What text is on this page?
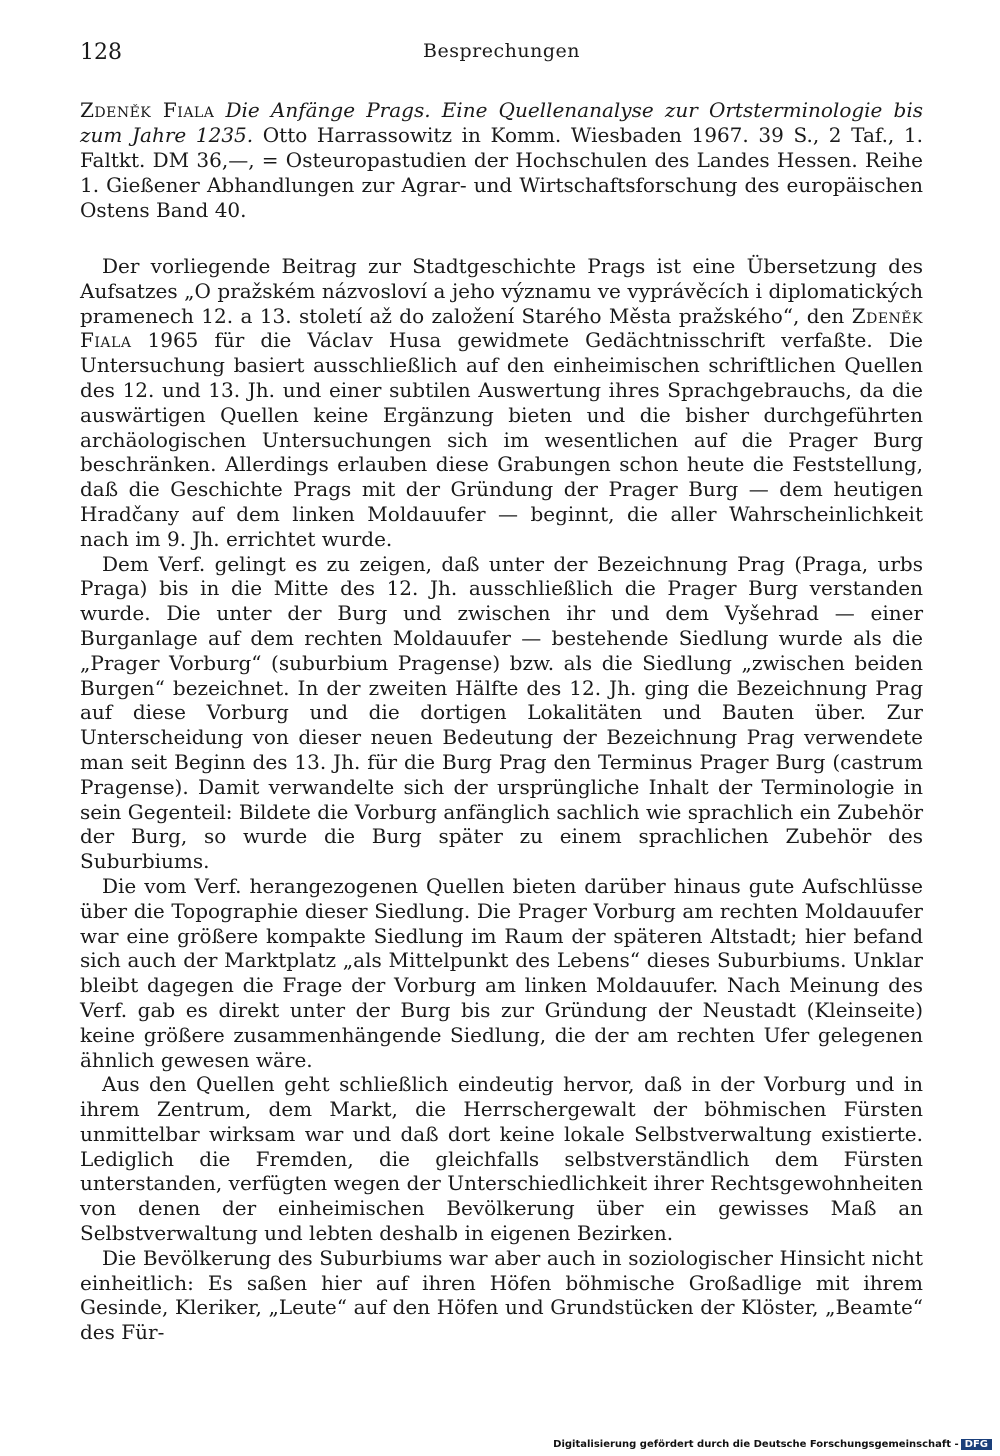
128	Besprechungen

Zdeněk Fiala Die Anfänge Prags. Eine Quellenanalyse zur Ortsterminologie bis zum Jahre 1235. Otto Harrassowitz in Komm. Wiesbaden 1967. 39 S., 2 Taf., 1. Faltkt. DM 36,—, = Osteuropastudien der Hochschulen des Landes Hessen. Reihe 1. Gießener Abhandlungen zur Agrar- und Wirtschaftsforschung des europäischen Ostens Band 40.

Der vorliegende Beitrag zur Stadtgeschichte Prags ist eine Übersetzung des Aufsatzes „O pražském názvosloví a jeho významu ve vyprávěcích i diplomatických pramenech 12. a 13. století až do založení Starého Města pražského“, den Zdeněk Fiala 1965 für die Václav Husa gewidmete Gedächtnisschrift verfaßte. Die Untersuchung basiert ausschließlich auf den einheimischen schriftlichen Quellen des 12. und 13. Jh. und einer subtilen Auswertung ihres Sprachgebrauchs, da die auswärtigen Quellen keine Ergänzung bieten und die bisher durchgeführten archäologischen Untersuchungen sich im wesentlichen auf die Prager Burg beschränken. Allerdings erlauben diese Grabungen schon heute die Feststellung, daß die Geschichte Prags mit der Gründung der Prager Burg — dem heutigen Hradčany auf dem linken Moldauufer — beginnt, die aller Wahrscheinlichkeit nach im 9. Jh. errichtet wurde.

Dem Verf. gelingt es zu zeigen, daß unter der Bezeichnung Prag (Praga, urbs Praga) bis in die Mitte des 12. Jh. ausschließlich die Prager Burg verstanden wurde. Die unter der Burg und zwischen ihr und dem Vyšehrad — einer Burganlage auf dem rechten Moldauufer — bestehende Siedlung wurde als die „Prager Vorburg“ (suburbium Pragense) bzw. als die Siedlung „zwischen beiden Burgen“ bezeichnet. In der zweiten Hälfte des 12. Jh. ging die Bezeichnung Prag auf diese Vorburg und die dortigen Lokalitäten und Bauten über. Zur Unterscheidung von dieser neuen Bedeutung der Bezeichnung Prag verwendete man seit Beginn des 13. Jh. für die Burg Prag den Terminus Prager Burg (castrum Pragense). Damit verwandelte sich der ursprüngliche Inhalt der Terminologie in sein Gegenteil: Bildete die Vorburg anfänglich sachlich wie sprachlich ein Zubehör der Burg, so wurde die Burg später zu einem sprachlichen Zubehör des Suburbiums.

Die vom Verf. herangezogenen Quellen bieten darüber hinaus gute Aufschlüsse über die Topographie dieser Siedlung. Die Prager Vorburg am rechten Moldauufer war eine größere kompakte Siedlung im Raum der späteren Altstadt; hier befand sich auch der Marktplatz „als Mittelpunkt des Lebens“ dieses Suburbiums. Unklar bleibt dagegen die Frage der Vorburg am linken Moldauufer. Nach Meinung des Verf. gab es direkt unter der Burg bis zur Gründung der Neustadt (Kleinseite) keine größere zusammenhängende Siedlung, die der am rechten Ufer gelegenen ähnlich gewesen wäre.

Aus den Quellen geht schließlich eindeutig hervor, daß in der Vorburg und in ihrem Zentrum, dem Markt, die Herrschergewalt der böhmischen Fürsten unmittelbar wirksam war und daß dort keine lokale Selbstverwaltung existierte. Lediglich die Fremden, die gleichfalls selbstverständlich dem Fürsten unterstanden, verfügten wegen der Unterschiedlichkeit ihrer Rechtsgewohnheiten von denen der einheimischen Bevölkerung über ein gewisses Maß an Selbstverwaltung und lebten deshalb in eigenen Bezirken.

Die Bevölkerung des Suburbiums war aber auch in soziologischer Hinsicht nicht einheitlich: Es saßen hier auf ihren Höfen böhmische Großadlige mit ihrem Gesinde, Kleriker, „Leute“ auf den Höfen und Grundstücken der Klöster, „Beamte“ des Für-

Digitalisierung gefördert durch die Deutsche Forschungsgemeinschaft - DFG
